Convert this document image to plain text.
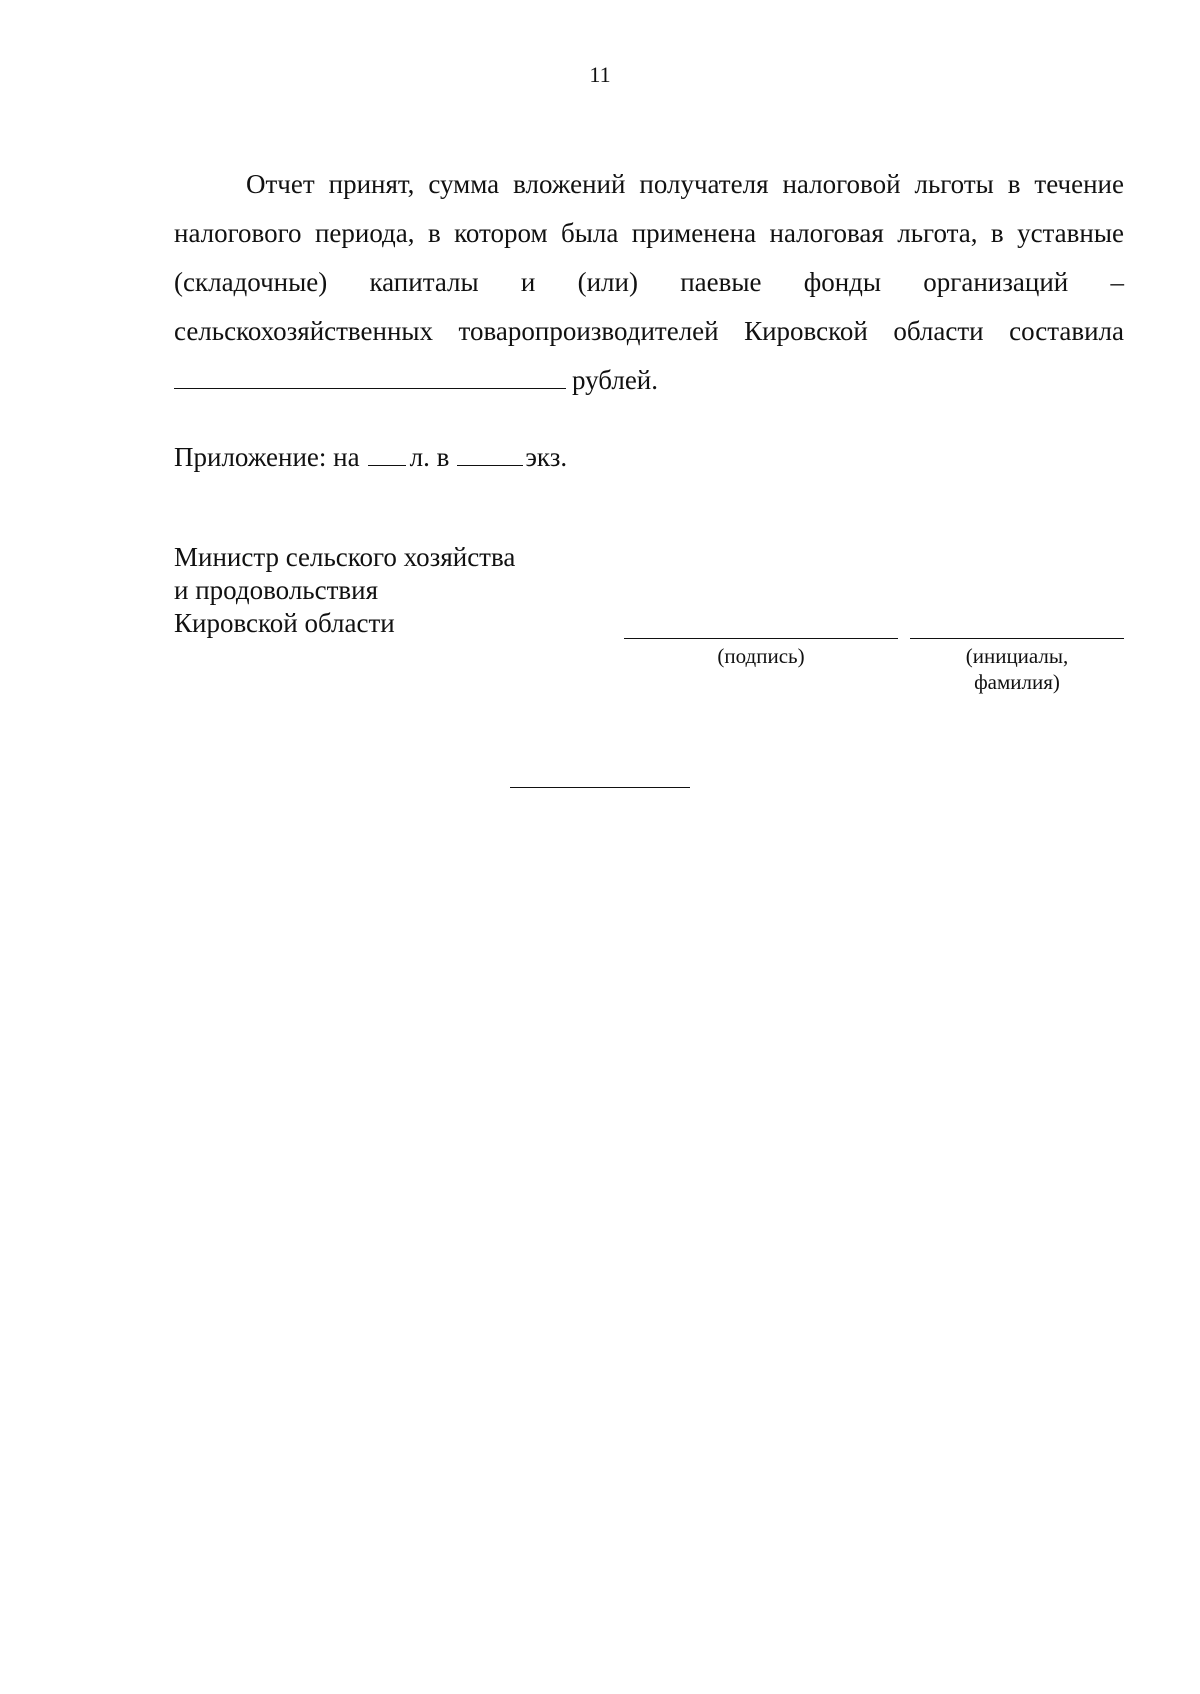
11
Отчет принят, сумма вложений получателя налоговой льготы в течение налогового периода, в котором была применена налоговая льгота, в уставные (складочные) капиталы и (или) паевые фонды организаций – сельскохозяйственных товаропроизводителей Кировской области составила
рублей.
Приложение: на л. в	экз.
Министр сельского хозяйства
и продовольствия
Кировской области
(подпись)	(инициалы,
фамилия)
